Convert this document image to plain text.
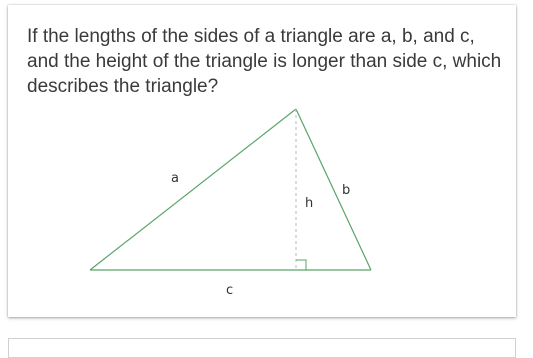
If the lengths of the sides of a triangle are a, b, and c, and the height of the triangle is longer than side c, which describes the triangle?

a
b
h
c
